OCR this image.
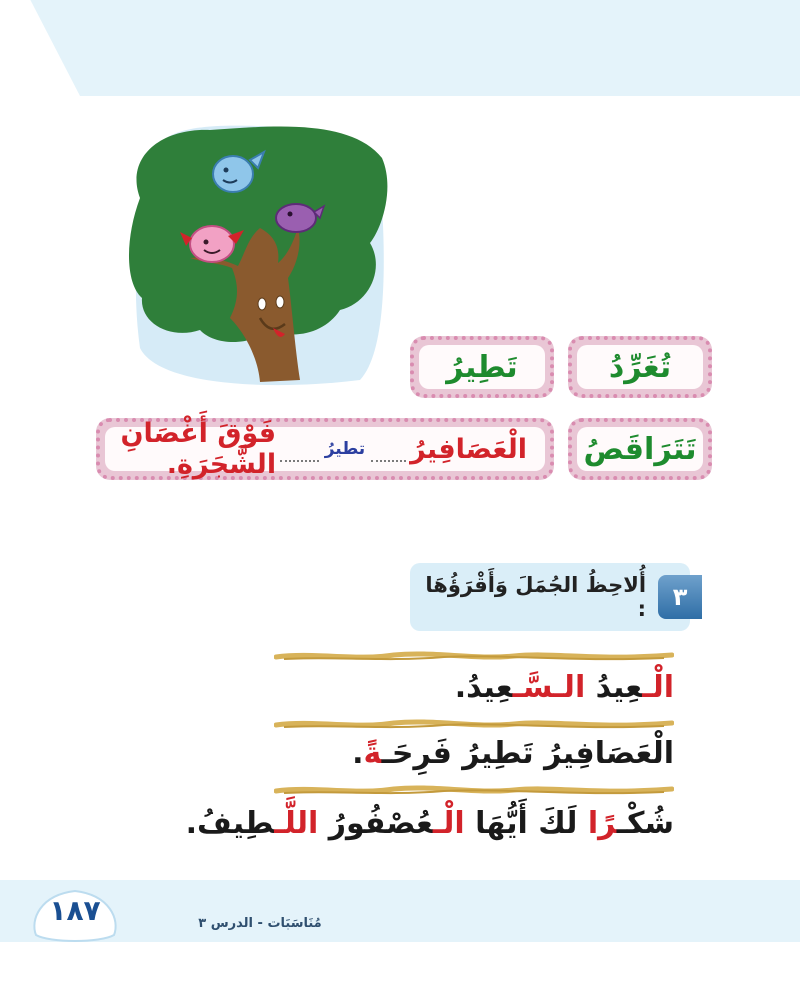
تُغَرِّدُ
تَطِيرُ
تَتَرَاقَصُ
الْعَصَافِيرُ
تطيرُ
فَوْقَ أَغْصَانِ الشَّجَرَةِ.
٣
أُلاحِظُ الجُمَلَ وَأَقْرَؤُهَا :
الْـعِيدُ الـسَّـعِيدُ.
الْعَصَافِيرُ تَطِيرُ فَرِحَـةً.
شُكْـرًا لَكَ أَيُّهَا الْـعُصْفُورُ اللَّـطِيفُ.
١٨٧	مُنَاسَبَات - الدرس ٣
